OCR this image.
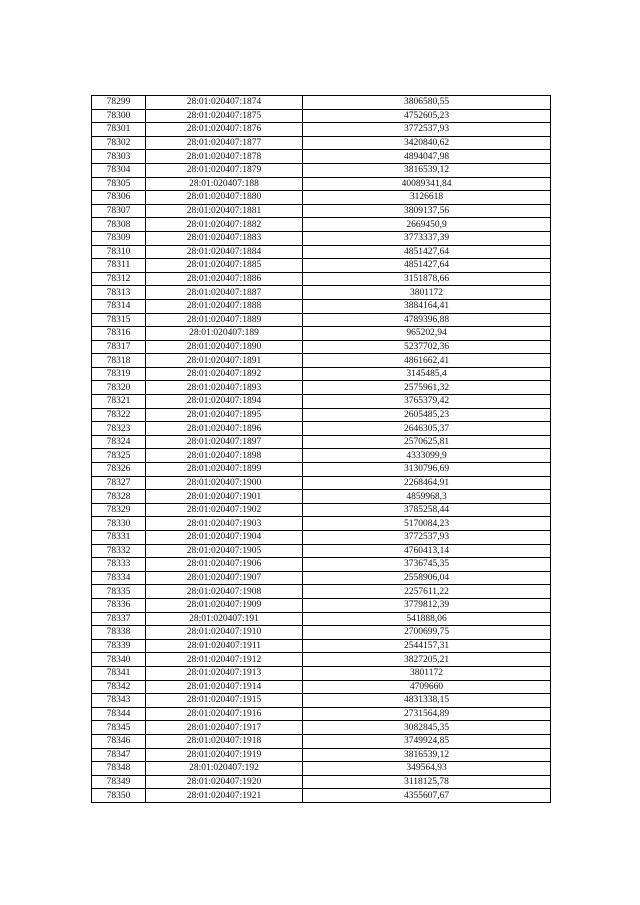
78299	28:01:020407:1874	3806580,55
78300	28:01:020407:1875	4752605,23
78301	28:01:020407:1876	3772537,93
78302	28:01:020407:1877	3420840,62
78303	28:01:020407:1878	4894047,98
78304	28:01:020407:1879	3816539,12
78305	28:01:020407:188	40089341,84
78306	28:01:020407:1880	3126618
78307	28:01:020407:1881	3809137,56
78308	28:01:020407:1882	2669450,9
78309	28:01:020407:1883	3773337,39
78310	28:01:020407:1884	4851427,64
78311	28:01:020407:1885	4851427,64
78312	28:01:020407:1886	3151878,66
78313	28:01:020407:1887	3801172
78314	28:01:020407:1888	3884164,41
78315	28:01:020407:1889	4789396,88
78316	28:01:020407:189	965202,94
78317	28:01:020407:1890	5237702,36
78318	28:01:020407:1891	4861662,41
78319	28:01:020407:1892	3145485,4
78320	28:01:020407:1893	2575961,32
78321	28:01:020407:1894	3765379,42
78322	28:01:020407:1895	2605485,23
78323	28:01:020407:1896	2646305,37
78324	28:01:020407:1897	2570625,81
78325	28:01:020407:1898	4333099,9
78326	28:01:020407:1899	3130796,69
78327	28:01:020407:1900	2268464,91
78328	28:01:020407:1901	4859968,3
78329	28:01:020407:1902	3785258,44
78330	28:01:020407:1903	5170084,23
78331	28:01:020407:1904	3772537,93
78332	28:01:020407:1905	4760413,14
78333	28:01:020407:1906	3736745,35
78334	28:01:020407:1907	2558906,04
78335	28:01:020407:1908	2257611,22
78336	28:01:020407:1909	3779812,39
78337	28:01:020407:191	541888,06
78338	28:01:020407:1910	2700699,75
78339	28:01:020407:1911	2544157,31
78340	28:01:020407:1912	3827205,21
78341	28:01:020407:1913	3801172
78342	28:01:020407:1914	4709660
78343	28:01:020407:1915	4831338,15
78344	28:01:020407:1916	2731564,89
78345	28:01:020407:1917	3082845,35
78346	28:01:020407:1918	3749924,85
78347	28:01:020407:1919	3816539,12
78348	28:01:020407:192	349564,93
78349	28:01:020407:1920	3118125,78
78350	28:01:020407:1921	4355607,67
